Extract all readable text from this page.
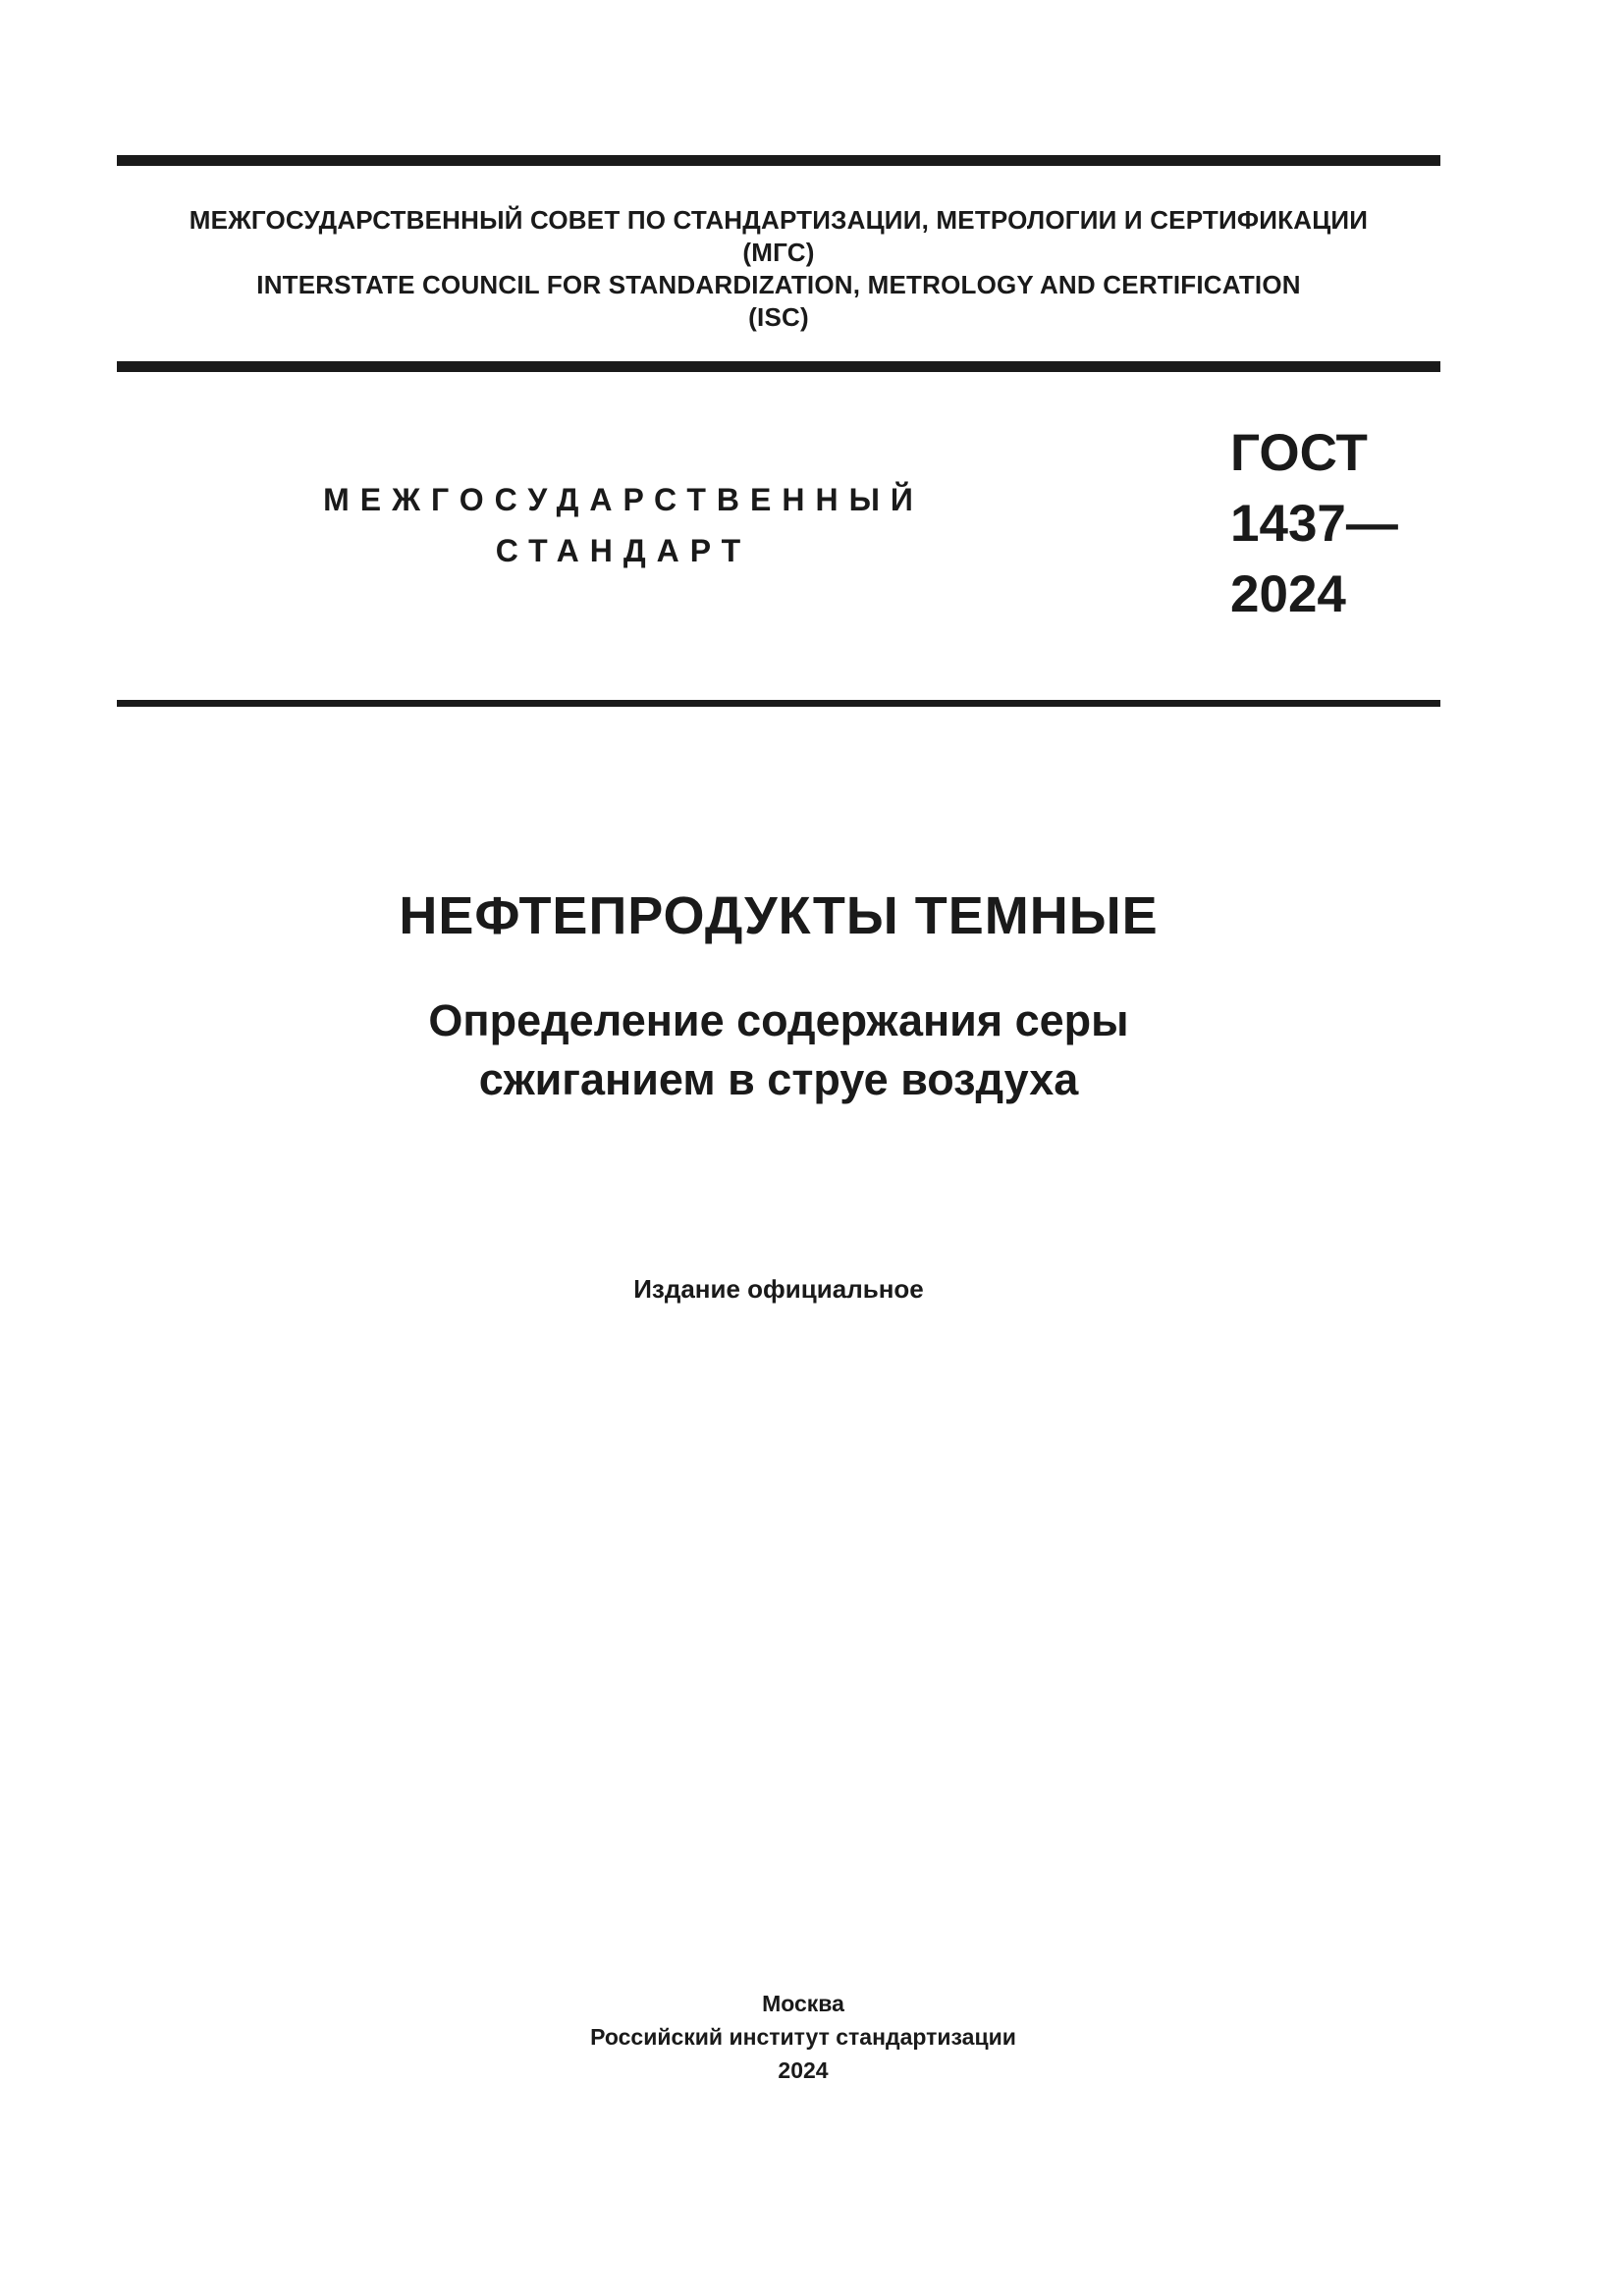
МЕЖГОСУДАРСТВЕННЫЙ СОВЕТ ПО СТАНДАРТИЗАЦИИ, МЕТРОЛОГИИ И СЕРТИФИКАЦИИ
(МГС)
INTERSTATE COUNCIL FOR STANDARDIZATION, METROLOGY AND CERTIFICATION
(ISC)
МЕЖГОСУДАРСТВЕННЫЙ
СТАНДАРТ
ГОСТ
1437—
2024
НЕФТЕПРОДУКТЫ ТЕМНЫЕ
Определение содержания серы
сжиганием в струе воздуха
Издание официальное
Москва
Российский институт стандартизации
2024
